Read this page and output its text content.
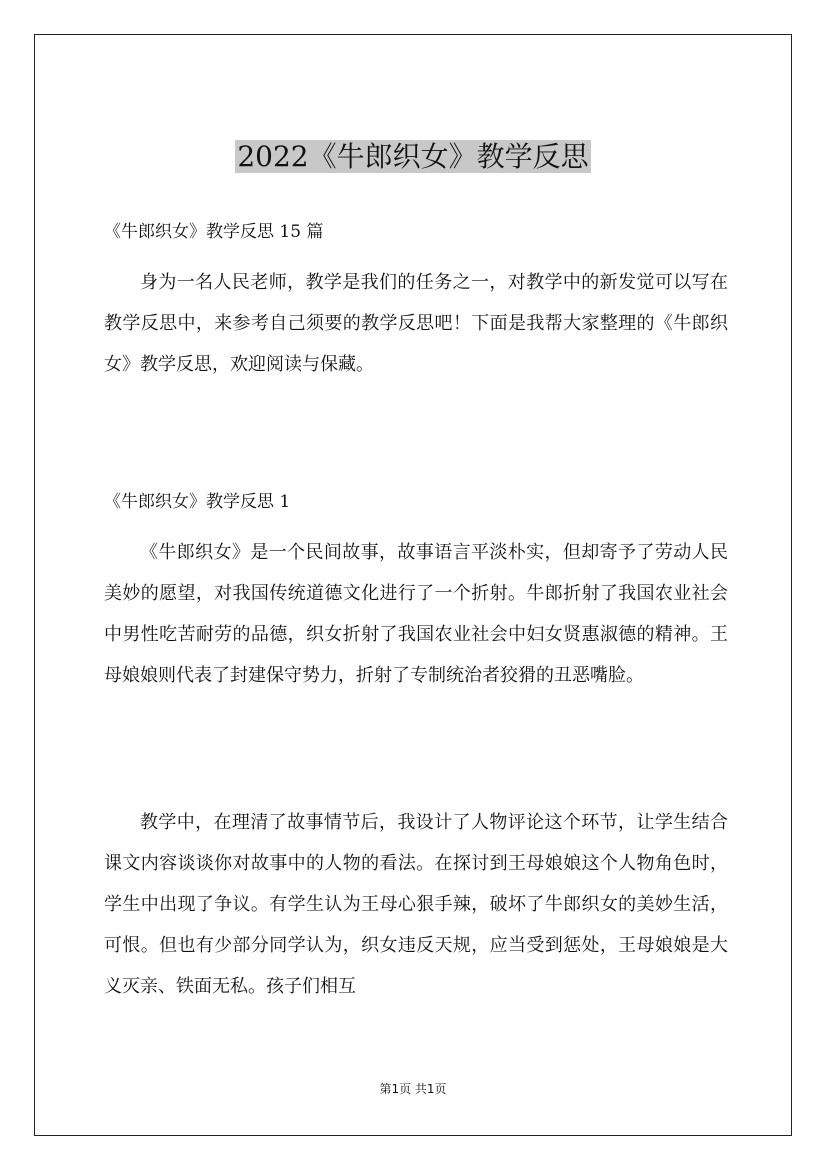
2022《牛郎织女》教学反思
《牛郎织女》教学反思 15 篇

身为一名人民老师，教学是我们的任务之一，对教学中的新发觉可以写在教学反思中，来参考自己须要的教学反思吧！下面是我帮大家整理的《牛郎织女》教学反思，欢迎阅读与保藏。

《牛郎织女》教学反思 1

《牛郎织女》是一个民间故事，故事语言平淡朴实，但却寄予了劳动人民美妙的愿望，对我国传统道德文化进行了一个折射。牛郎折射了我国农业社会中男性吃苦耐劳的品德，织女折射了我国农业社会中妇女贤惠淑德的精神。王母娘娘则代表了封建保守势力，折射了专制统治者狡猾的丑恶嘴脸。

教学中，在理清了故事情节后，我设计了人物评论这个环节，让学生结合课文内容谈谈你对故事中的人物的看法。在探讨到王母娘娘这个人物角色时，学生中出现了争议。有学生认为王母心狠手辣，破坏了牛郎织女的美妙生活，可恨。但也有少部分同学认为，织女违反天规，应当受到惩处，王母娘娘是大义灭亲、铁面无私。孩子们相互

第1页 共1页
